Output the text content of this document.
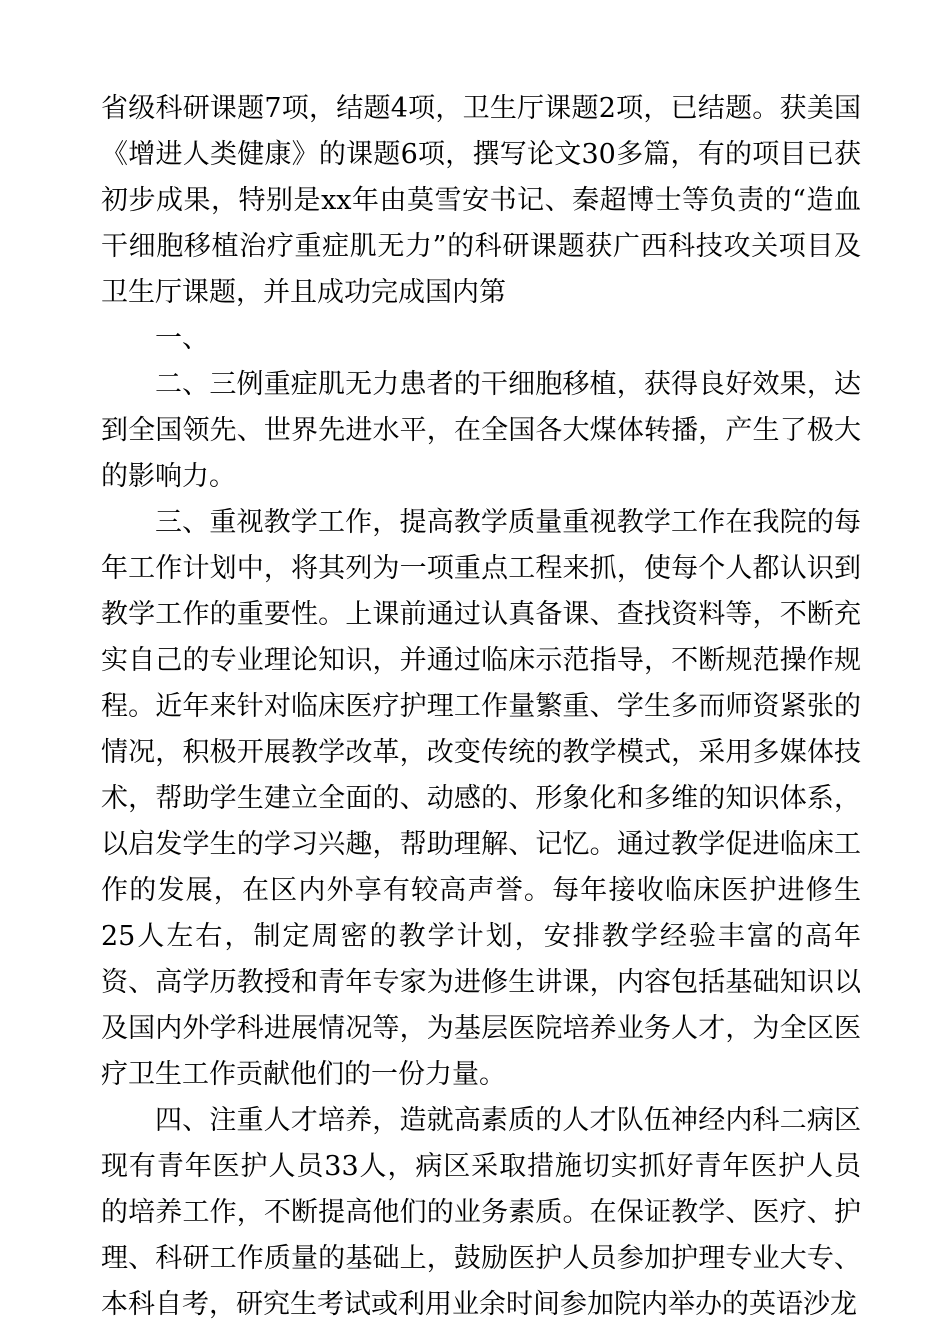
省级科研课题7项，结题4项，卫生厅课题2项，已结题。获美国《增进人类健康》的课题6项，撰写论文30多篇，有的项目已获初步成果，特别是xx年由莫雪安书记、秦超博士等负责的“造血干细胞移植治疗重症肌无力”的科研课题获广西科技攻关项目及卫生厅课题，并且成功完成国内第

一、

二、三例重症肌无力患者的干细胞移植，获得良好效果，达到全国领先、世界先进水平，在全国各大煤体转播，产生了极大的影响力。

三、重视教学工作，提高教学质量重视教学工作在我院的每年工作计划中，将其列为一项重点工程来抓，使每个人都认识到教学工作的重要性。上课前通过认真备课、查找资料等，不断充实自己的专业理论知识，并通过临床示范指导，不断规范操作规程。近年来针对临床医疗护理工作量繁重、学生多而师资紧张的情况，积极开展教学改革，改变传统的教学模式，采用多媒体技术，帮助学生建立全面的、动感的、形象化和多维的知识体系，以启发学生的学习兴趣，帮助理解、记忆。通过教学促进临床工作的发展，在区内外享有较高声誉。每年接收临床医护进修生25人左右，制定周密的教学计划，安排教学经验丰富的高年资、高学历教授和青年专家为进修生讲课，内容包括基础知识以及国内外学科进展情况等，为基层医院培养业务人才，为全区医疗卫生工作贡献他们的一份力量。

四、注重人才培养，造就高素质的人才队伍神经内科二病区现有青年医护人员33人，病区采取措施切实抓好青年医护人员的培养工作，不断提高他们的业务素质。在保证教学、医疗、护理、科研工作质量的基础上，鼓励医护人员参加护理专业大专、本科自考，研究生考试或利用业余时间参加院内举办的英语沙龙
